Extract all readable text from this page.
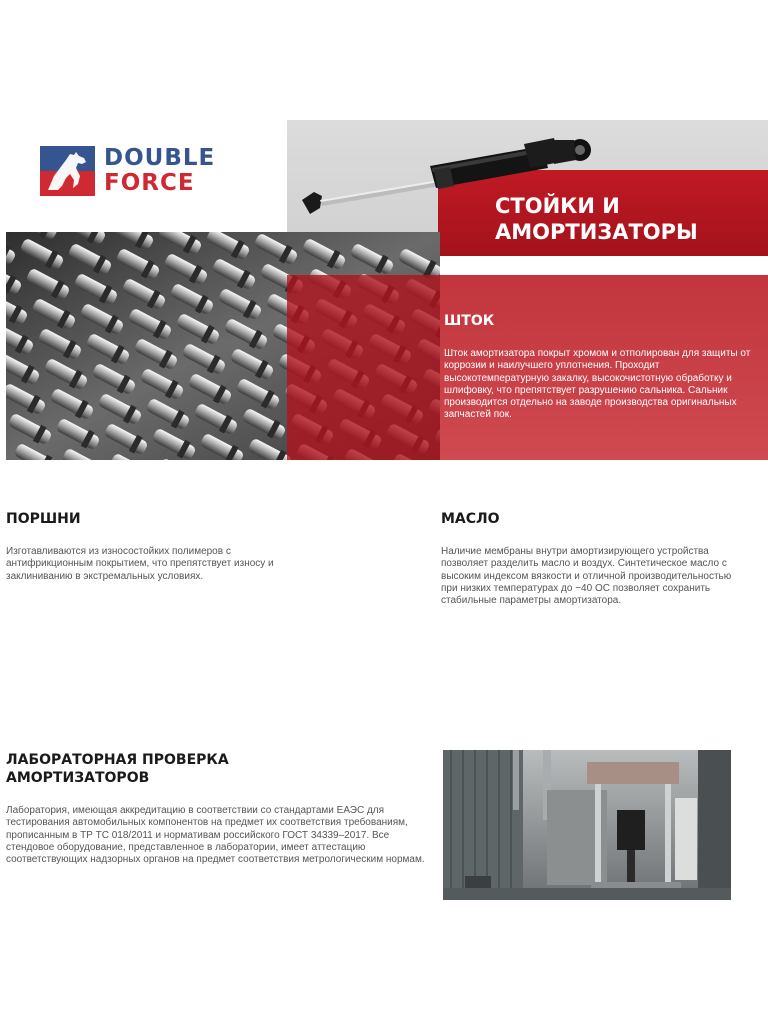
DOUBLE
FORCE
СТОЙКИ И
АМОРТИЗАТОРЫ
ШТОК
Шток амортизатора покрыт хромом и отполирован для защиты от коррозии и наилучшего уплотнения. Проходит высокотемпературную закалку, высокочистотную обработку и шлифовку, что препятствует разрушению сальника. Сальник производится отдельно на заводе производства оригинальных запчастей пок.
ПОРШНИ
Изготавливаются из износостойких полимеров с антифрикционным покрытием, что препятствует износу и заклиниванию в экстремальных условиях.
МАСЛО
Наличие мембраны внутри амортизирующего устройства позволяет разделить масло и воздух. Синтетическое масло с высоким индексом вязкости и отличной производительностью при низких температурах до −40 ОС позволяет сохранить стабильные параметры амортизатора.
ЛАБОРАТОРНАЯ ПРОВЕРКА
АМОРТИЗАТОРОВ
Лаборатория, имеющая аккредитацию в соответствии со стандартами ЕАЭС для тестирования автомобильных компонентов на предмет их соответствия требованиям, прописанным в ТР ТС 018/2011 и нормативам российского ГОСТ 34339–2017. Все стендовое оборудование, представленное в лаборатории, имеет аттестацию соответствующих надзорных органов на предмет соответствия метрологическим нормам.
